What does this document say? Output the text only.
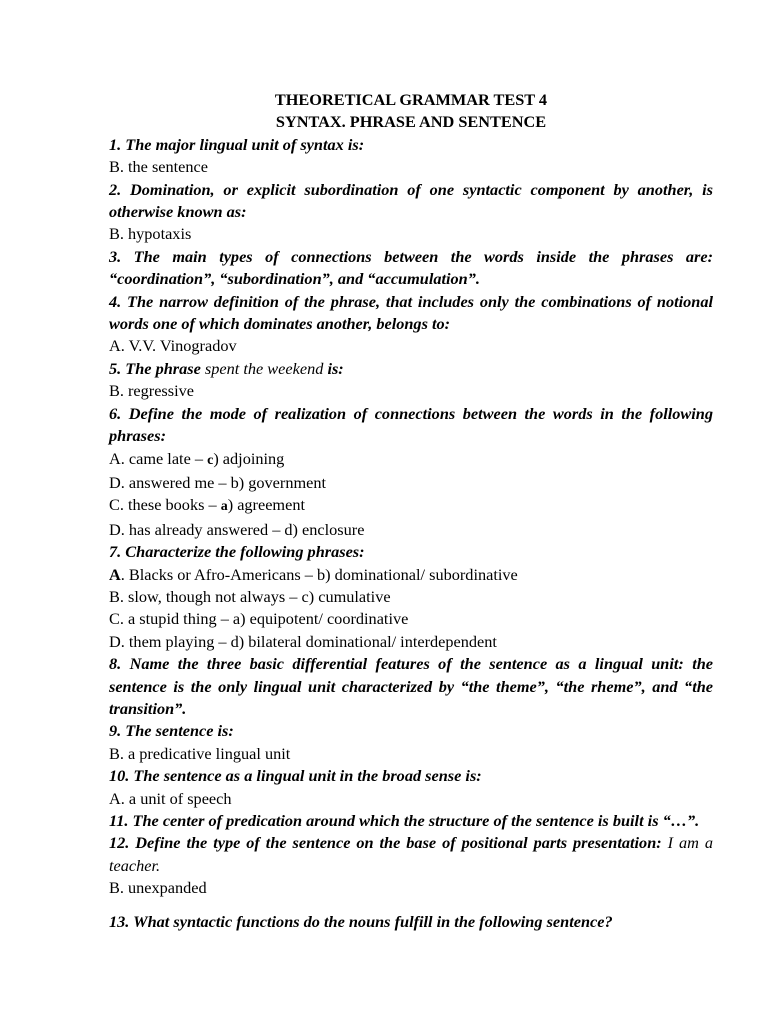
THEORETICAL GRAMMAR TEST 4
SYNTAX. PHRASE AND SENTENCE
1. The major lingual unit of syntax is:
B. the sentence
2. Domination, or explicit subordination of one syntactic component by another, is otherwise known as:
B. hypotaxis
3. The main types of connections between the words inside the phrases are: “coordination”, “subordination”, and “accumulation”.
4. The narrow definition of the phrase, that includes only the combinations of notional words one of which dominates another, belongs to:
A. V.V. Vinogradov
5. The phrase spent the weekend is:
B. regressive
6. Define the mode of realization of connections between the words in the following phrases:
A. came late – c) adjoining
D. answered me – b) government
C. these books – a) agreement
D. has already answered – d) enclosure
7. Characterize the following phrases:
A. Blacks or Afro-Americans – b) dominational/ subordinative
B. slow, though not always – c) cumulative
C. a stupid thing – a) equipotent/ coordinative
D. them playing – d) bilateral dominational/ interdependent
8. Name the three basic differential features of the sentence as a lingual unit: the sentence is the only lingual unit characterized by “the theme”, “the rheme”, and “the transition”.
9. The sentence is:
B. a predicative lingual unit
10. The sentence as a lingual unit in the broad sense is:
A. a unit of speech
11. The center of predication around which the structure of the sentence is built is “…”.
12. Define the type of the sentence on the base of positional parts presentation: I am a teacher.
B. unexpanded
13. What syntactic functions do the nouns fulfill in the following sentence?
